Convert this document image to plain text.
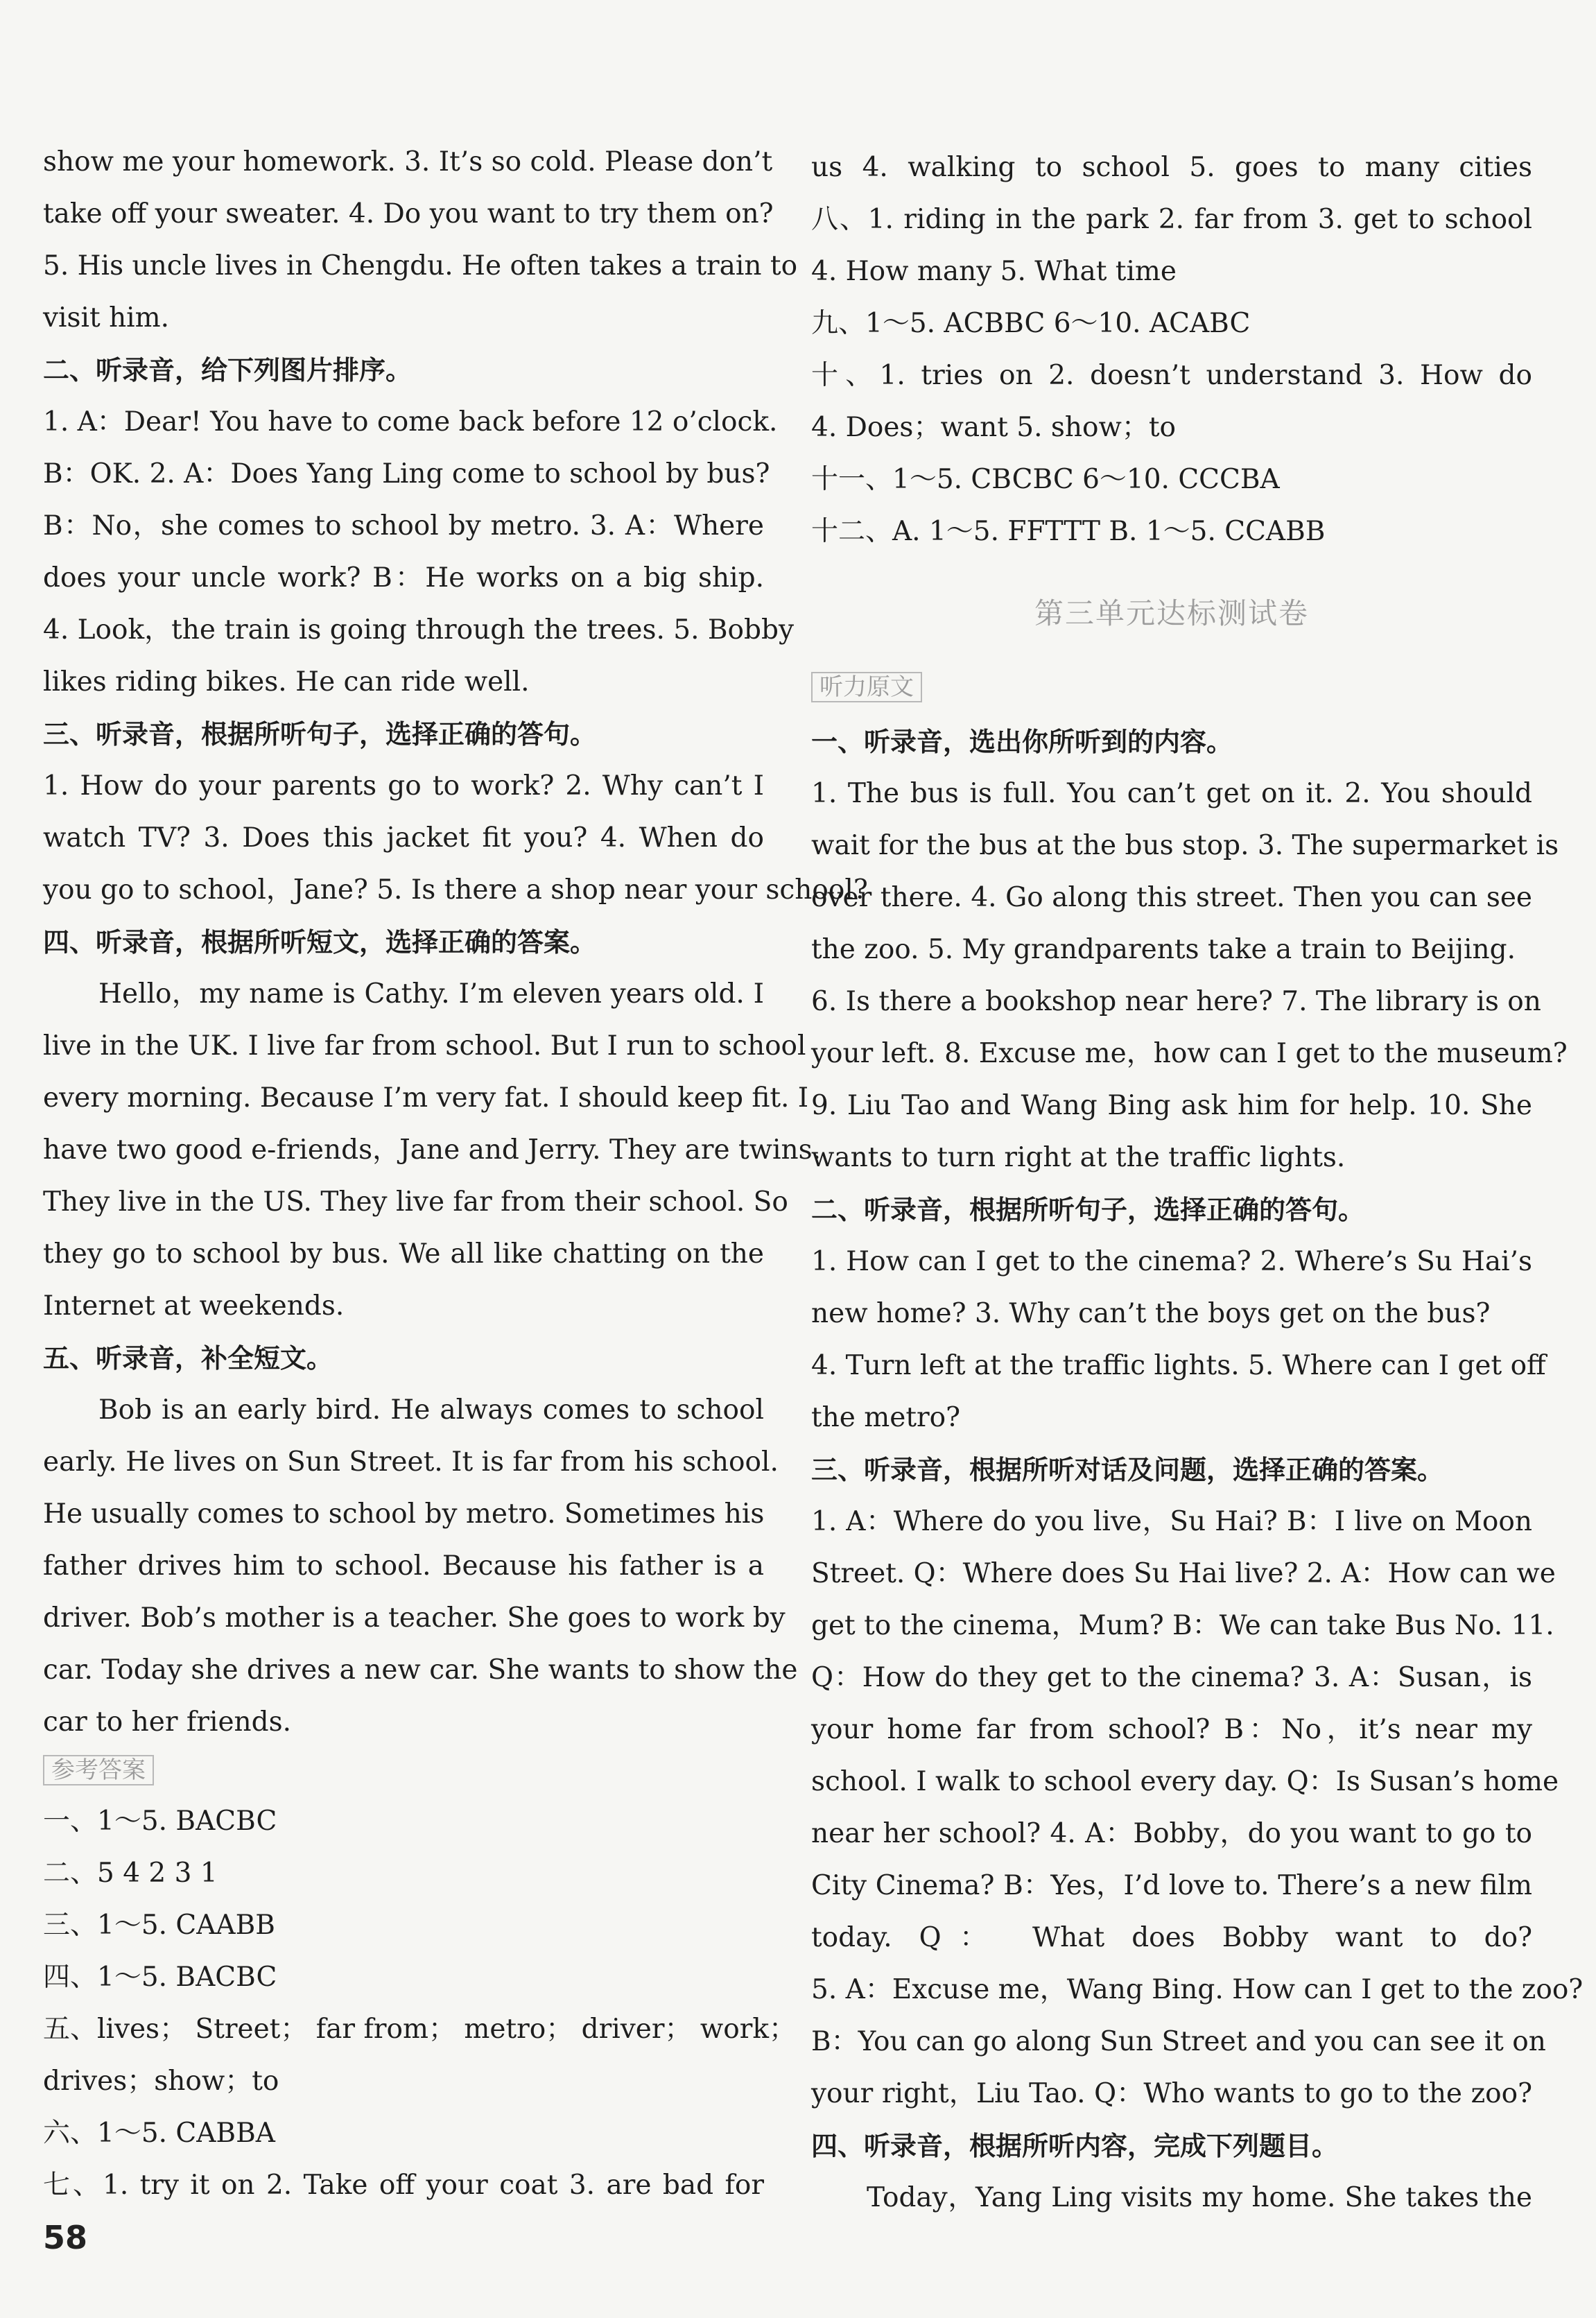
show me your homework. 3. It’s so cold. Please don’t
take off your sweater. 4. Do you want to try them on?
5. His uncle lives in Chengdu. He often takes a train to
visit him.
二、听录音，给下列图片排序。
1. A：Dear! You have to come back before 12 o’clock.
B：OK. 2. A：Does Yang Ling come to school by bus?
B：No，she comes to school by metro. 3. A：Where
does your uncle work? B：He works on a big ship.
4. Look，the train is going through the trees. 5. Bobby
likes riding bikes. He can ride well.
三、听录音，根据所听句子，选择正确的答句。
1. How do your parents go to work? 2. Why can’t I
watch TV? 3. Does this jacket fit you? 4. When do
you go to school，Jane? 5. Is there a shop near your school?
四、听录音，根据所听短文，选择正确的答案。
Hello，my name is Cathy. I’m eleven years old. I
live in the UK. I live far from school. But I run to school
every morning. Because I’m very fat. I should keep fit. I
have two good e-friends，Jane and Jerry. They are twins.
They live in the US. They live far from their school. So
they go to school by bus. We all like chatting on the
Internet at weekends.
五、听录音，补全短文。
Bob is an early bird. He always comes to school
early. He lives on Sun Street. It is far from his school.
He usually comes to school by metro. Sometimes his
father drives him to school. Because his father is a
driver. Bob’s mother is a teacher. She goes to work by
car. Today she drives a new car. She wants to show the
car to her friends.
参考答案
一、1～5. BACBC
二、5 4 2 3 1
三、1～5. CAABB
四、1～5. BACBC
五、lives； Street； far from； metro； driver； work；
drives；show；to
六、1～5. CABBA
七、1. try it on 2. Take off your coat 3. are bad for
58
us 4. walking to school 5. goes to many cities
八、1. riding in the park 2. far from 3. get to school
4. How many 5. What time
九、1～5. ACBBC 6～10. ACABC
十、1. tries on 2. doesn’t understand 3. How do
4. Does；want 5. show；to
十一、1～5. CBCBC 6～10. CCCBA
十二、A. 1～5. FFTTT B. 1～5. CCABB
第三单元达标测试卷
听力原文
一、听录音，选出你所听到的内容。
1. The bus is full. You can’t get on it. 2. You should
wait for the bus at the bus stop. 3. The supermarket is
over there. 4. Go along this street. Then you can see
the zoo. 5. My grandparents take a train to Beijing.
6. Is there a bookshop near here? 7. The library is on
your left. 8. Excuse me，how can I get to the museum?
9. Liu Tao and Wang Bing ask him for help. 10. She
wants to turn right at the traffic lights.
二、听录音，根据所听句子，选择正确的答句。
1. How can I get to the cinema? 2. Where’s Su Hai’s
new home? 3. Why can’t the boys get on the bus?
4. Turn left at the traffic lights. 5. Where can I get off
the metro?
三、听录音，根据所听对话及问题，选择正确的答案。
1. A：Where do you live，Su Hai? B：I live on Moon
Street. Q：Where does Su Hai live? 2. A：How can we
get to the cinema，Mum? B：We can take Bus No. 11.
Q：How do they get to the cinema? 3. A：Susan，is
your home far from school? B：No，it’s near my
school. I walk to school every day. Q：Is Susan’s home
near her school? 4. A：Bobby，do you want to go to
City Cinema? B：Yes，I’d love to. There’s a new film
today. Q： What does Bobby want to do?
5. A：Excuse me，Wang Bing. How can I get to the zoo?
B：You can go along Sun Street and you can see it on
your right，Liu Tao. Q：Who wants to go to the zoo?
四、听录音，根据所听内容，完成下列题目。
Today，Yang Ling visits my home. She takes the
